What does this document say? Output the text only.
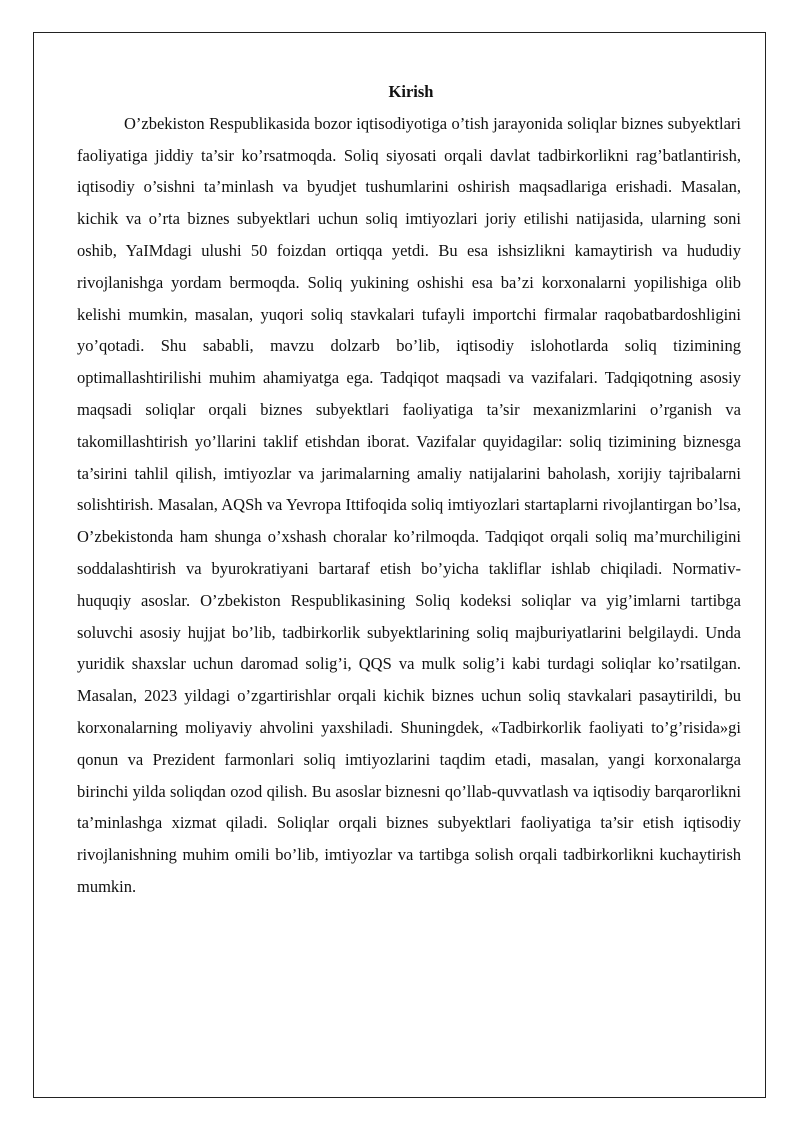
Kirish

O’zbekiston Respublikasida bozor iqtisodiyotiga o’tish jarayonida soliqlar biznes subyektlari faoliyatiga jiddiy ta’sir ko’rsatmoqda. Soliq siyosati orqali davlat tadbirkorlikni rag’batlantirish, iqtisodiy o’sishni ta’minlash va byudjet tushumlarini oshirish maqsadlariga erishadi. Masalan, kichik va o’rta biznes subyektlari uchun soliq imtiyozlari joriy etilishi natijasida, ularning soni oshib, YaIMdagi ulushi 50 foizdan ortiqqa yetdi. Bu esa ishsizlikni kamaytirish va hududiy rivojlanishga yordam bermoqda. Soliq yukining oshishi esa ba’zi korxonalarni yopilishiga olib kelishi mumkin, masalan, yuqori soliq stavkalari tufayli importchi firmalar raqobatbardoshligini yo’qotadi. Shu sababli, mavzu dolzarb bo’lib, iqtisodiy islohotlarda soliq tizimining optimallashtirilishi muhim ahamiyatga ega. Tadqiqot maqsadi va vazifalari. Tadqiqotning asosiy maqsadi soliqlar orqali biznes subyektlari faoliyatiga ta’sir mexanizmlarini o’rganish va takomillashtirish yo’llarini taklif etishdan iborat. Vazifalar quyidagilar: soliq tizimining biznesga ta’sirini tahlil qilish, imtiyozlar va jarimalarning amaliy natijalarini baholash, xorijiy tajribalarni solishtirish. Masalan, AQSh va Yevropa Ittifoqida soliq imtiyozlari startaplarni rivojlantirgan bo’lsa, O’zbekistonda ham shunga o’xshash choralar ko’rilmoqda. Tadqiqot orqali soliq ma’murchiligini soddalashtirish va byurokratiyani bartaraf etish bo’yicha takliflar ishlab chiqiladi. Normativ-huquqiy asoslar. O’zbekiston Respublikasining Soliq kodeksi soliqlar va yig’imlarni tartibga soluvchi asosiy hujjat bo’lib, tadbirkorlik subyektlarining soliq majburiyatlarini belgilaydi. Unda yuridik shaxslar uchun daromad solig’i, QQS va mulk solig’i kabi turdagi soliqlar ko’rsatilgan. Masalan, 2023 yildagi o’zgartirishlar orqali kichik biznes uchun soliq stavkalari pasaytirildi, bu korxonalarning moliyaviy ahvolini yaxshiladi. Shuningdek, «Tadbirkorlik faoliyati to’g’risida»gi qonun va Prezident farmonlari soliq imtiyozlarini taqdim etadi, masalan, yangi korxonalarga birinchi yilda soliqdan ozod qilish. Bu asoslar biznesni qo’llab-quvvatlash va iqtisodiy barqarorlikni ta’minlashga xizmat qiladi. Soliqlar orqali biznes subyektlari faoliyatiga ta’sir etish iqtisodiy rivojlanishning muhim omili bo’lib, imtiyozlar va tartibga solish orqali tadbirkorlikni kuchaytirish mumkin.
